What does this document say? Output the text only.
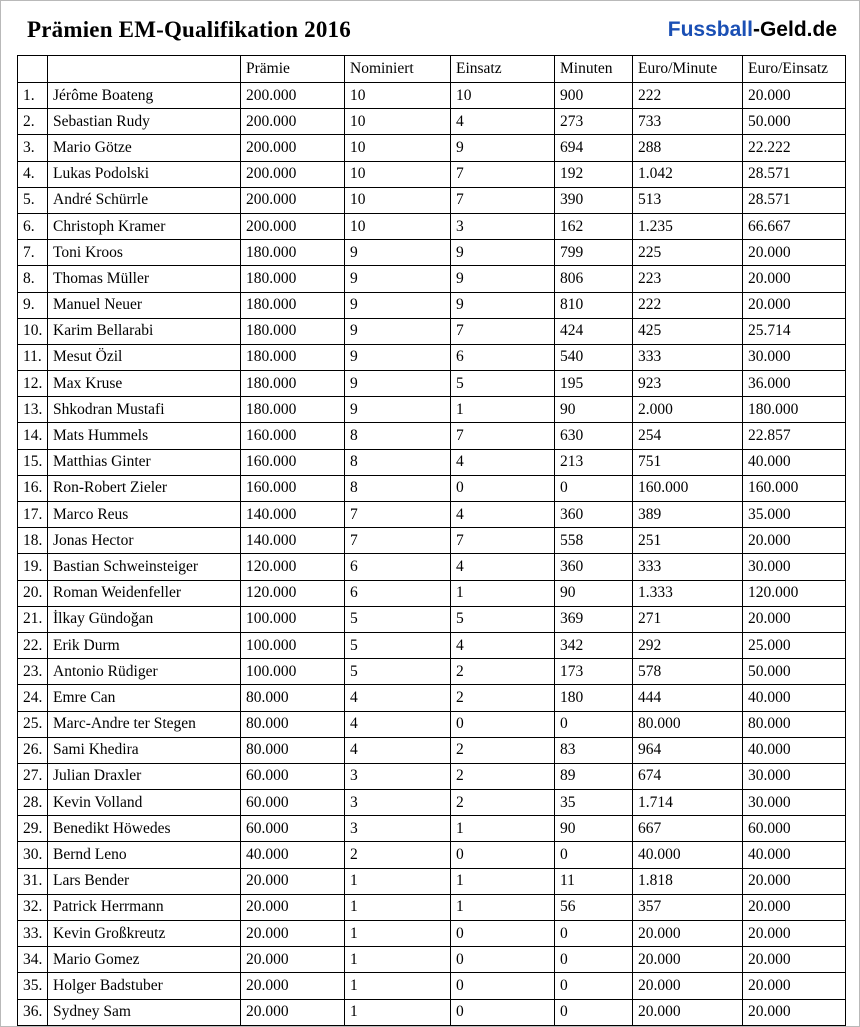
Prämien EM-Qualifikation 2016	Fussball-Geld.de
		Prämie	Nominiert	Einsatz	Minuten	Euro/Minute	Euro/Einsatz
1.	Jérôme Boateng	200.000	10	10	900	222	20.000
2.	Sebastian Rudy	200.000	10	4	273	733	50.000
3.	Mario Götze	200.000	10	9	694	288	22.222
4.	Lukas Podolski	200.000	10	7	192	1.042	28.571
5.	André Schürrle	200.000	10	7	390	513	28.571
6.	Christoph Kramer	200.000	10	3	162	1.235	66.667
7.	Toni Kroos	180.000	9	9	799	225	20.000
8.	Thomas Müller	180.000	9	9	806	223	20.000
9.	Manuel Neuer	180.000	9	9	810	222	20.000
10.	Karim Bellarabi	180.000	9	7	424	425	25.714
11.	Mesut Özil	180.000	9	6	540	333	30.000
12.	Max Kruse	180.000	9	5	195	923	36.000
13.	Shkodran Mustafi	180.000	9	1	90	2.000	180.000
14.	Mats Hummels	160.000	8	7	630	254	22.857
15.	Matthias Ginter	160.000	8	4	213	751	40.000
16.	Ron-Robert Zieler	160.000	8	0	0	160.000	160.000
17.	Marco Reus	140.000	7	4	360	389	35.000
18.	Jonas Hector	140.000	7	7	558	251	20.000
19.	Bastian Schweinsteiger	120.000	6	4	360	333	30.000
20.	Roman Weidenfeller	120.000	6	1	90	1.333	120.000
21.	İlkay Gündoğan	100.000	5	5	369	271	20.000
22.	Erik Durm	100.000	5	4	342	292	25.000
23.	Antonio Rüdiger	100.000	5	2	173	578	50.000
24.	Emre Can	80.000	4	2	180	444	40.000
25.	Marc-Andre ter Stegen	80.000	4	0	0	80.000	80.000
26.	Sami Khedira	80.000	4	2	83	964	40.000
27.	Julian Draxler	60.000	3	2	89	674	30.000
28.	Kevin Volland	60.000	3	2	35	1.714	30.000
29.	Benedikt Höwedes	60.000	3	1	90	667	60.000
30.	Bernd Leno	40.000	2	0	0	40.000	40.000
31.	Lars Bender	20.000	1	1	11	1.818	20.000
32.	Patrick Herrmann	20.000	1	1	56	357	20.000
33.	Kevin Großkreutz	20.000	1	0	0	20.000	20.000
34.	Mario Gomez	20.000	1	0	0	20.000	20.000
35.	Holger Badstuber	20.000	1	0	0	20.000	20.000
36.	Sydney Sam	20.000	1	0	0	20.000	20.000
